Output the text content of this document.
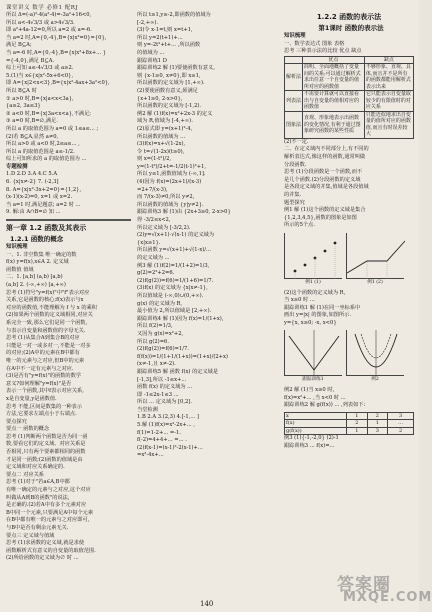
课堂讲义 数学 必修1 配RJ
所以 Δ=(-a)²-4(a²-4)=-3a²+16<0,
所以 a<-4√3/3 或 a>4√3/3.
即 a²+4a-12=0,所以 a=2 或 a=-6.
当 a=2 时,A={0,-4},B={x|x²=0}={0},
满足 B⊆A;
当 a=-6 时,A={0,-4},B={x|x²+8x+... }
={-4,0},满足 B⊆A.
综上可知 a≤-4√3/3 或 a≥2.
5.(1)当 x∈{x|x²-5x+6<0},
即 A={x|2<x<3},B={x|x²-4ax+3a²<0},
所以 B⊆A 时
① a>0 时,B={x|a<x<3a},
{a≥2, 3a≤3}
② a<0 时,B={x|3a<x<a},不满足;
③ a=0 时,B=∅,满足.
所以 a 的取值范围为 a=0 或 1≤a≤... ;
(2)若 B⊆A,显然 a≠0,
所以 a>0 或 a<0 时,2≤a≤... ,
所以 a 的取值范围是 a≤-1/2.
综上可知所求的 a 的取值范围为 ...
专题检测
1.D 2.D 3.A 4.C 5.A
6. {x|x≠-2} 7. (-2,3]
8. A={x|x²-3x+2=0}={1,2},
(x-1)(x-2)=0, x=1 或 x=2.
当 a=1 时,满足题意; a=2 时 ...
9. 解:由 A∩B=∅ 知 ...
第一章 1.2 函数及其表示
1.2.1 函数的概念
知识梳理
一、1. 非空数集 唯一确定的数
f(x) y=f(x),x∈A 2. 定义域
函数值 值域
二、1. [a,b] (a,b) [a,b)
(a,b] 2. (-∞,+∞) [a,+∞)
思考 (1)符号"y=f(x)"中"f"表示对应
关系,它是函数的核心;f(x)表示与x
对应的函数值,不能理解为 f 与 x 的乘积
(2)如果两个函数的定义域相同,对应关
系完全一致,那么它们是同一个函数,
与表示自变量和函数值的字母无关.
思考 (1)从集合A到集合B的对应
只能是一对一或多对一,不能是一对多
的对应;(2)A中的元素在B中都有
唯一的元素与之对应,但B中的元素
在A中不一定有元素与之对应.
(3)是否有"y=f(x)"的函数的数学
意义?如何理解"y=f(x)"是否
表示一个函数,其中f表示对应关系,
x是自变量,y是函数值.
思考 不能,区间是数集的一种表示
方法,它要求左端点小于右端点.
要点探究
要点一 函数的概念
思考 (1)判断两个函数是否为同一函
数,要看它们的定义域、对应关系是
否相同,只有两个要素都相同的函数
才是同一函数;(2)函数的值域是由
定义域和对应关系确定的.
要点二 对应关系
思考 (1)对于"若a∈A,B中都
有唯一确定的元素与之对应,这个对应
叫做从A到B的函数"的说法,
是正确的.(2)若A中有多个元素对应
B中同一个元素,只要满足A中每个元素
在B中都有唯一的元素与之对应即可,
与B中是否有剩余元素无关.
要点三 定义域与值域
思考 (1)求函数的定义域,就是求使
函数解析式有意义的自变量的取值范围.
(2)所给函数的定义域为∅ 时 ...
所以 t≥1,y≥-2,即函数的值域为
[-2,+∞).
(3)令 x-1=t,则 x=t+1,
所以 y=2(t+1)+...
则 y=-2t²+t+... ,所以函数
的值域为 ...
跟踪训练1 D
跟踪训练2 解 (1)要使函数有意义,
则 {x-1≥0, x≠0},即 x≥1,
所以函数的定义域为 [1,+∞).
(2)要使函数有意义,须满足
{x+1≥0, 2-x>0},
所以函数的定义域为 [-1,2).
例2 解 (1)f(x)=x²+2x-3 的定义
域为 R,值域为 [-4,+∞).
(2)原式即 y=(x+1)²-4,
所以函数的值域为 ...
(3)f(x)=x+√(1-2x),
令 t=√(1-2x)(t≥0),
则 x=(1-t²)/2,
y=(1-t²)/2+t=-1/2(t-1)²+1,
所以 y≤1,函数值域为 (-∞,1].
(4)因为 f(x)=(2x+1)/(x-3)
=2+7/(x-3),
而 7/(x-3)≠0,所以 y≠2,
所以函数的值域为 {y|y≠2}.
跟踪训练3 解 (1)由 {2x+3≥0, 2-x>0}
得 -3/2≤x<2,
所以定义域为 [-3/2,2).
(2)y=√(x+1)·√(x-1) 的定义域为
{x|x≥1}.
所以函数 y=√(x+1)+√(1-x)/...
的定义域为 ...
例3 解 (1)f(2)=1/(1+2)=1/3,
g(2)=2²+2=6.
(2)f(g(2))=f(6)=1/(1+6)=1/7.
(3)f(x) 的定义域为 {x|x≠-1},
所以值域是 (-∞,0)∪(0,+∞).
g(x) 的定义域为 R,
最小值为 2,所以值域是 [2,+∞).
跟踪训练4 解 (1)因为 f(x)=1/(1+x),
所以 f(2)=1/3,
又因为 g(x)=x²+2,
所以 g(2)=6.
(2)f(g(2))=f(6)=1/7.
f(f(x))=1/(1+1/(1+x))=(1+x)/(2+x)
(x≠-1,且 x≠-2).
跟踪训练5 解 函数 f(x) 的定义域是
[-1,3],所以 -1≤x+...
函数 f(x) 的定义域为 ...
即 -1≤2x-1≤3 ...
所以 ... 定义域为 [0,2].
当堂检测
1.B 2.A 3.(2,3) 4.[-1,... ]
5.解 (1)f(x)=x²-2x+... ,
f(1)=1-2+... =-1.
f(-2)=4+4+... =... .
(2)f(x-1)=(x-1)²-2(x-1)+...
=x²-4x+...
1.2.2 函数的表示法
第1课时 函数的表示法
知识梳理
一、数学表达式 图象 表格
思考 三种表示法的比较 优点 缺点
	优点	缺点
解析法	简明、全面地概括了变量间的关系;可以通过解析式求出任意一个自变量的值所对应的函数值	不够形象、直观、具体,而且并不是所有的函数都能用解析式表示出来
列表法	不需要计算就可以直接看出与自变量的值相对应的函数值	它只能表示自变量取较少的有限值时的对应关系
图象法	直观、形象地表示出函数的变化情况,有利于通过图象研究函数的某些性质	只能近似地求出自变量的值所对应的函数值,而且有时误差较大
(2)不一定.
二、在定义域内不同部分上,有不同的
解析表达式,像这样的函数,通常叫做
分段函数.
思考 (1)分段函数是一个函数,而不
是几个函数.(2)分段函数的定义域
是各段定义域的并集,值域是各段值域
的并集.
题型探究
例1 解 (1)这个函数的定义域是集合
{1,2,3,4,5},函数的图象是如图
所示的5个点.
例1 (1)	例1 (2)
(2)这个函数的定义域为 R,
当 x≥0 时 ...
跟踪训练1 解 (1)在同一坐标系中
画出 y=|x| 的图象,如图所示.
y={x, x≥0; -x, x<0}
跟踪训练1	例2
例2 解 (1)当 x≥0 时,
f(x)=x²+... ,当 x<0 时 ...
跟踪训练2 解 g(f(x)) ... ,列表如下:
x	1	2	3
f(x)	2	1	...
g(f(x))	1	3	2
例3 (1){-1,-2,0} (2)-1
跟踪训练3 ... f(x)=...
140
答案圈
MXQE.COM
